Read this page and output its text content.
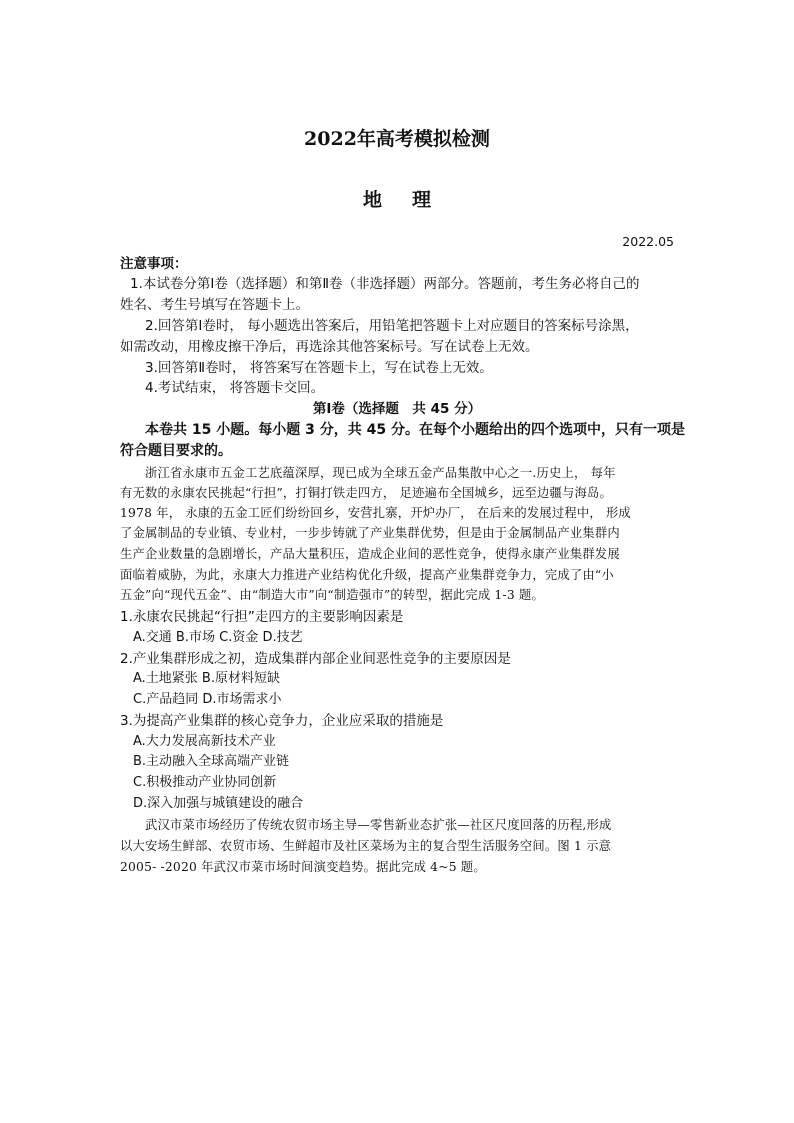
2022年高考模拟检测
地 理
2022.05
注意事项：
1.本试卷分第Ⅰ卷（选择题）和第Ⅱ卷（非选择题）两部分。答题前，考生务必将自己的
姓名、考生号填写在答题卡上。
2.回答第Ⅰ卷时， 每小题选出答案后，用铅笔把答题卡上对应题目的答案标号涂黑，
如需改动，用橡皮擦干净后，再选涂其他答案标号。写在试卷上无效。
3.回答第Ⅱ卷时， 将答案写在答题卡上，写在试卷上无效。
4.考试结束， 将答题卡交回。
第Ⅰ卷（选择题　共 45 分）
本卷共 15 小题。每小题 3 分，共 45 分。在每个小题给出的四个选项中，只有一项是
符合题目要求的。
浙江省永康市五金工艺底蕴深厚，现已成为全球五金产品集散中心之一.历史上， 每年
有无数的永康农民挑起“行担”，打铜打铁走四方， 足迹遍布全国城乡，远至边疆与海岛。
1978 年， 永康的五金工匠们纷纷回乡，安营扎寨，开炉办厂， 在后来的发展过程中， 形成
了金属制品的专业镇、专业村，一步步铸就了产业集群优势，但是由于金属制品产业集群内
生产企业数量的急剧增长，产品大量积压，造成企业间的恶性竞争，使得永康产业集群发展
面临着威胁，为此，永康大力推进产业结构优化升级，提高产业集群竞争力，完成了由“小
五金”向“现代五金”、由“制造大市”向“制造强市”的转型，据此完成 1-3 题。
1.永康农民挑起“行担”走四方的主要影响因素是
A.交通 B.市场 C.资金 D.技艺
2.产业集群形成之初，造成集群内部企业间恶性竞争的主要原因是
A.土地紧张 B.原材料短缺
C.产品趋同 D.市场需求小
3.为提高产业集群的核心竞争力，企业应采取的措施是
A.大力发展高新技术产业
B.主动融入全球高端产业链
C.积极推动产业协同创新
D.深入加强与城镇建设的融合
武汉市菜市场经历了传统农贸市场主导—零售新业态扩张—社区尺度回落的历程,形成
以大安场生鲜部、农贸市场、生鲜超市及社区菜场为主的复合型生活服务空间。图 1 示意
2005- -2020 年武汉市菜市场时间演变趋势。据此完成 4~5 题。
